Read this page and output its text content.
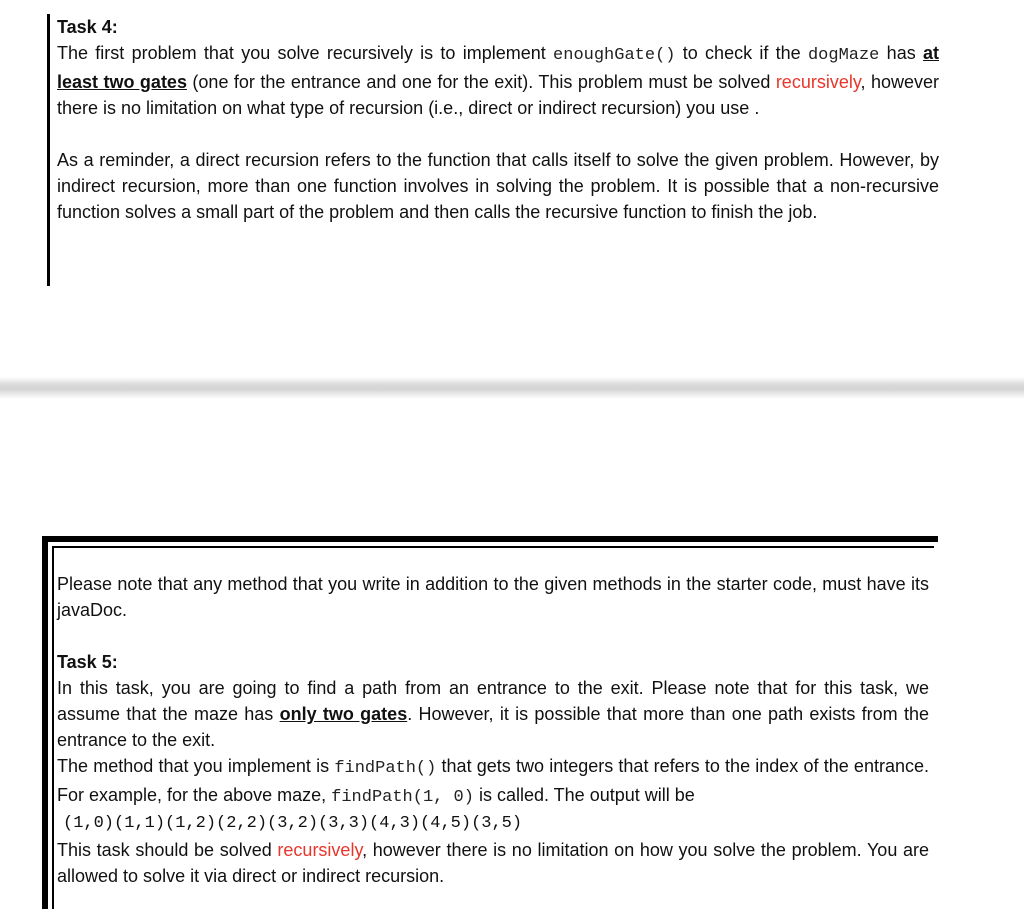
Task 4:

The first problem that you solve recursively is to implement enoughGate() to check if the dogMaze has at least two gates (one for the entrance and one for the exit). This problem must be solved recursively, however there is no limitation on what type of recursion (i.e., direct or indirect recursion) you use .

As a reminder, a direct recursion refers to the function that calls itself to solve the given problem. However, by indirect recursion, more than one function involves in solving the problem. It is possible that a non-recursive function solves a small part of the problem and then calls the recursive function to finish the job.

Please note that any method that you write in addition to the given methods in the starter code, must have its javaDoc.

Task 5:

In this task, you are going to find a path from an entrance to the exit. Please note that for this task, we assume that the maze has only two gates. However, it is possible that more than one path exists from the entrance to the exit.

The method that you implement is findPath() that gets two integers that refers to the index of the entrance. For example, for the above maze, findPath(1, 0) is called. The output will be

(1,0)(1,1)(1,2)(2,2)(3,2)(3,3)(4,3)(4,5)(3,5)

This task should be solved recursively, however there is no limitation on how you solve the problem. You are allowed to solve it via direct or indirect recursion.
